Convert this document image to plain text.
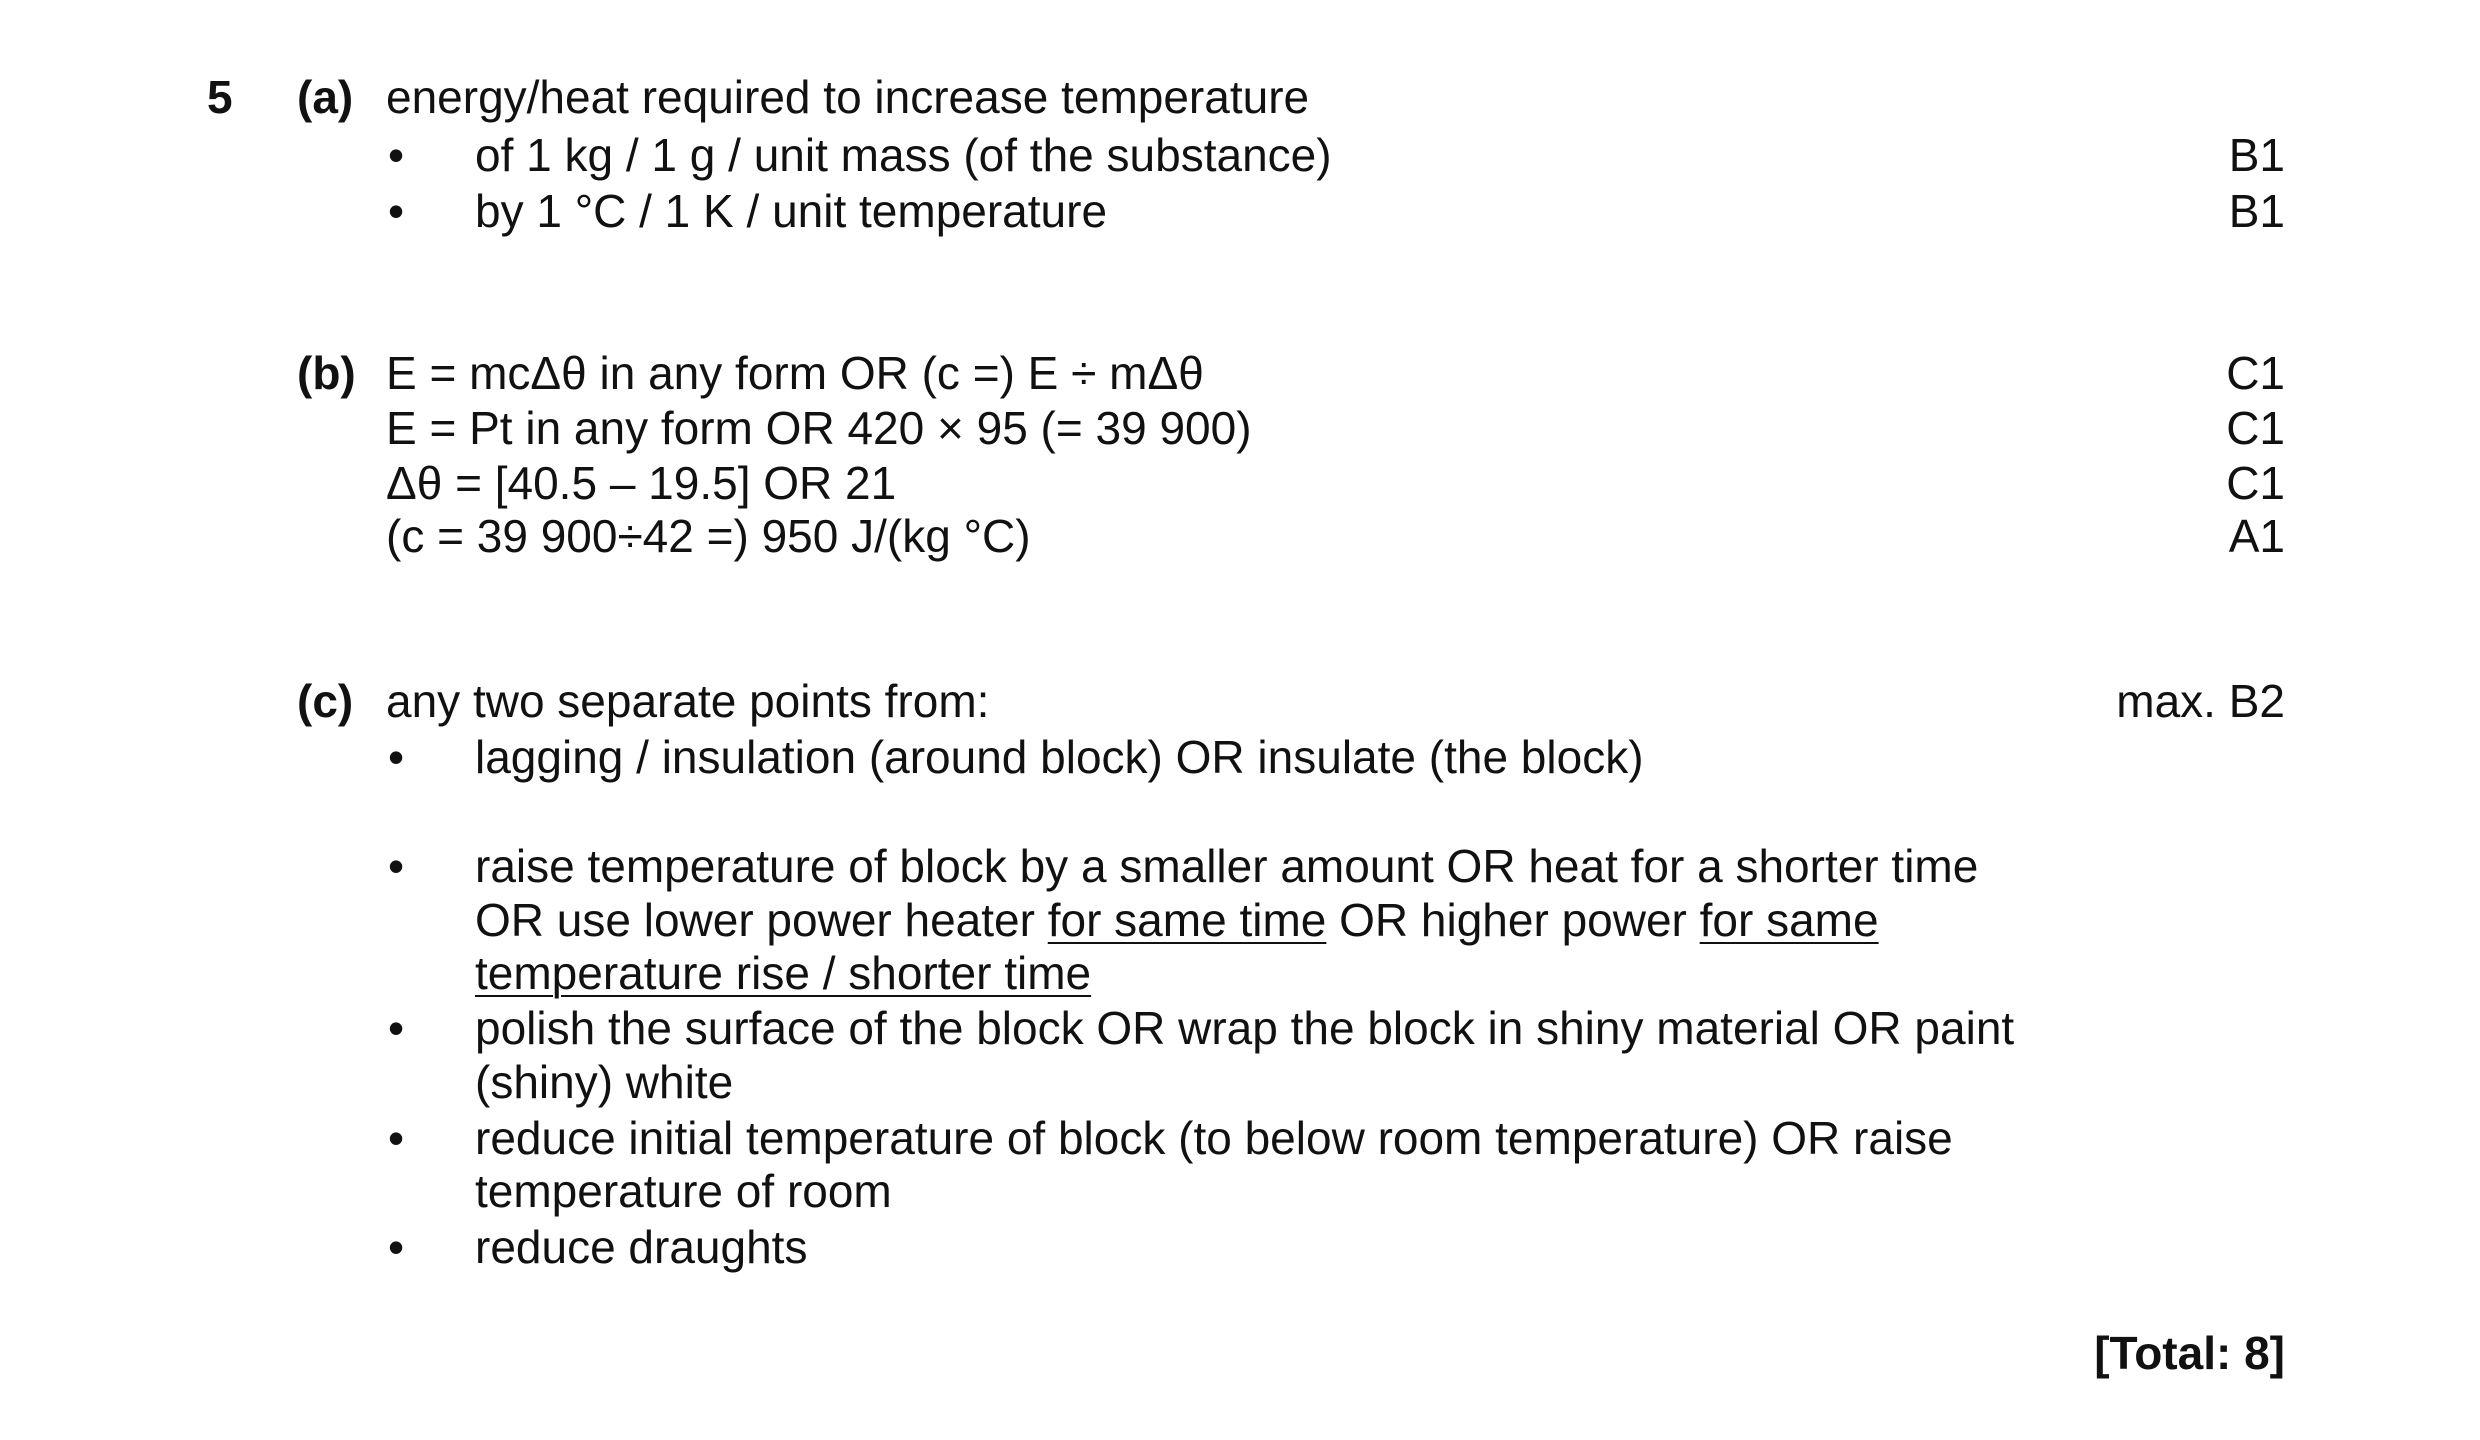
5 (a) energy/heat required to increase temperature
• of 1 kg / 1 g / unit mass (of the substance)	B1
• by 1 °C / 1 K / unit temperature	B1
(b) E = mcΔθ in any form OR (c =) E ÷ mΔθ	C1
E = Pt in any form OR 420 × 95 (= 39 900)	C1
Δθ = [40.5 – 19.5] OR 21	C1
(c = 39 900÷42 =) 950 J/(kg °C)	A1
(c) any two separate points from:	max. B2
• lagging / insulation (around block) OR insulate (the block)
• raise temperature of block by a smaller amount OR heat for a shorter time
OR use lower power heater for same time OR higher power for same
temperature rise / shorter time
• polish the surface of the block OR wrap the block in shiny material OR paint
(shiny) white
• reduce initial temperature of block (to below room temperature) OR raise
temperature of room
• reduce draughts
[Total: 8]
